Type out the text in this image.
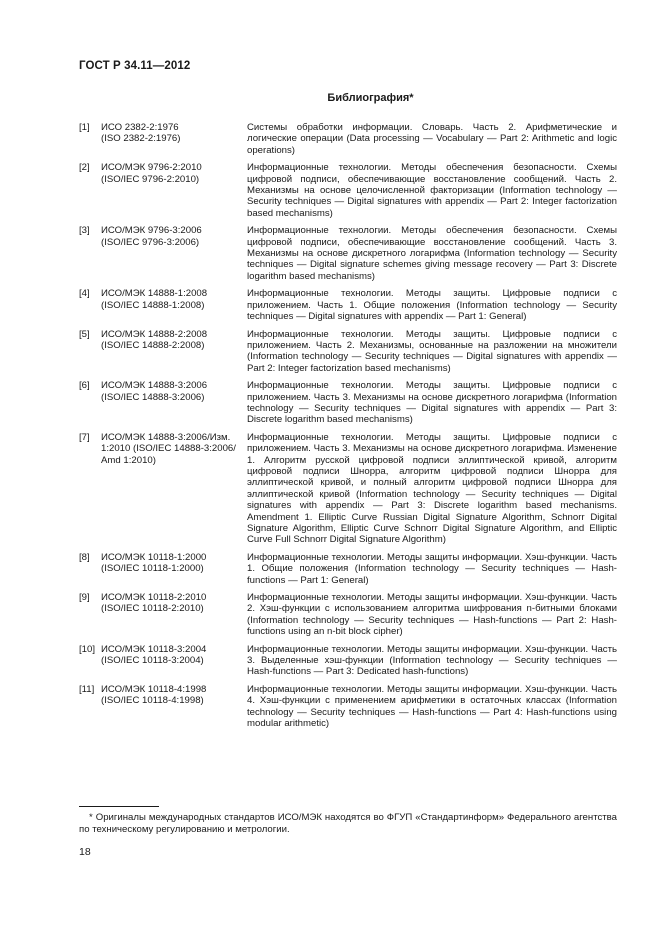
ГОСТ Р 34.11—2012
Библиография*
[1]	ИСО 2382-2:1976
(ISO 2382-2:1976)
Системы обработки информации. Словарь. Часть 2. Арифметические и логические операции (Data processing — Vocabulary — Part 2: Arithmetic and logic operations)
[2]	ИСО/МЭК 9796-2:2010
(ISO/IEC 9796-2:2010)
Информационные технологии. Методы обеспечения безопасности. Схемы цифровой подписи, обеспечивающие восстановление сообщений. Часть 2. Механизмы на основе целочисленной факторизации (Information technology — Security techniques — Digital signatures with appendix — Part 2: Integer factorization based mechanisms)
[3]	ИСО/МЭК 9796-3:2006
(ISO/IEC 9796-3:2006)
Информационные технологии. Методы обеспечения безопасности. Схемы цифровой подписи, обеспечивающие восстановление сообщений. Часть 3. Механизмы на основе дискретного логарифма (Information technology — Security techniques — Digital signature schemes giving message recovery — Part 3: Discrete logarithm based mechanisms)
[4]	ИСО/МЭК 14888-1:2008
(ISO/IEC 14888-1:2008)
Информационные технологии. Методы защиты. Цифровые подписи с приложением. Часть 1. Общие положения (Information technology — Security techniques — Digital signatures with appendix — Part 1: General)
[5]	ИСО/МЭК 14888-2:2008
(ISO/IEC 14888-2:2008)
Информационные технологии. Методы защиты. Цифровые подписи с приложением. Часть 2. Механизмы, основанные на разложении на множители (Information technology — Security techniques — Digital signatures with appendix — Part 2: Integer factorization based mechanisms)
[6]	ИСО/МЭК 14888-3:2006
(ISO/IEC 14888-3:2006)
Информационные технологии. Методы защиты. Цифровые подписи с приложением. Часть 3. Механизмы на основе дискретного логарифма (Information technology — Security techniques — Digital signatures with appendix — Part 3: Discrete logarithm based mechanisms)
[7]	ИСО/МЭК 14888-3:2006/Изм. 1:2010 (ISO/IEC 14888-3:2006/ Amd 1:2010)
Информационные технологии. Методы защиты. Цифровые подписи с приложением. Часть 3. Механизмы на основе дискретного логарифма. Изменение 1. Алгоритм русской цифровой подписи эллиптической кривой, алгоритм цифровой подписи Шнорра, алгоритм цифровой подписи Шнорра для эллиптической кривой, и полный алгоритм цифровой подписи Шнорра для эллиптической кривой (Information technology — Security techniques — Digital signatures with appendix — Part 3: Discrete logarithm based mechanisms. Amendment 1. Elliptic Curve Russian Digital Signature Algorithm, Schnorr Digital Signature Algorithm, Elliptic Curve Schnorr Digital Signature Algorithm, and Elliptic Curve Full Schnorr Digital Signature Algorithm)
[8]	ИСО/МЭК 10118-1:2000
(ISO/IEC 10118-1:2000)
Информационные технологии. Методы защиты информации. Хэш-функции. Часть 1. Общие положения (Information technology — Security techniques — Hash-functions — Part 1: General)
[9]	ИСО/МЭК 10118-2:2010
(ISO/IEC 10118-2:2010)
Информационные технологии. Методы защиты информации. Хэш-функции. Часть 2. Хэш-функции с использованием алгоритма шифрования n-битными блоками (Information technology — Security techniques — Hash-functions — Part 2: Hash-functions using an n-bit block cipher)
[10] ИСО/МЭК 10118-3:2004
(ISO/IEC 10118-3:2004)
Информационные технологии. Методы защиты информации. Хэш-функции. Часть 3. Выделенные хэш-функции (Information technology — Security techniques — Hash-functions — Part 3: Dedicated hash-functions)
[11] ИСО/МЭК 10118-4:1998
(ISO/IEC 10118-4:1998)
Информационные технологии. Методы защиты информации. Хэш-функции. Часть 4. Хэш-функции с применением арифметики в остаточных классах (Information technology — Security techniques — Hash-functions — Part 4: Hash-functions using modular arithmetic)
* Оригиналы международных стандартов ИСО/МЭК находятся во ФГУП «Стандартинформ» Федерального агентства по техническому регулированию и метрологии.
18
